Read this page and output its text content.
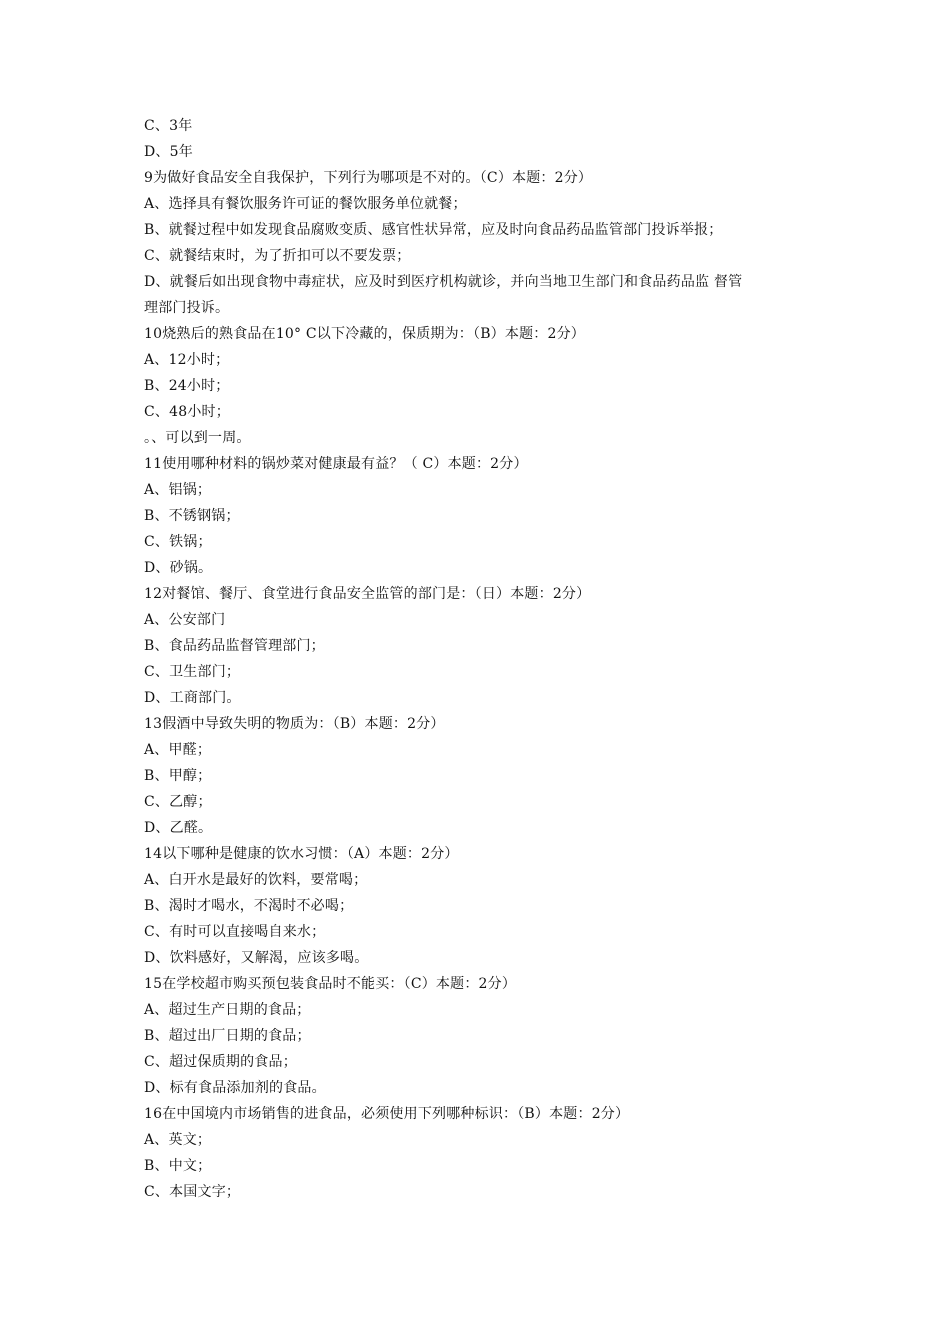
C、3年
D、5年
9为做好食品安全自我保护，下列行为哪项是不对的。（C）本题：2分）
A、选择具有餐饮服务许可证的餐饮服务单位就餐；
B、就餐过程中如发现食品腐败变质、感官性状异常，应及时向食品药品监管部门投诉举报；
C、就餐结束时，为了折扣可以不要发票；
D、就餐后如出现食物中毒症状，应及时到医疗机构就诊，并向当地卫生部门和食品药品监 督管
理部门投诉。
10烧熟后的熟食品在10° C以下冷藏的，保质期为：（B）本题：2分）
A、12小时；
B、24小时；
C、48小时；
。、可以到一周。
11使用哪种材料的锅炒菜对健康最有益？（ C）本题：2分）
A、铝锅；
B、不锈钢锅；
C、铁锅；
D、砂锅。
12对餐馆、餐厅、食堂进行食品安全监管的部门是：（日）本题：2分）
A、公安部门
B、食品药品监督管理部门；
C、卫生部门；
D、工商部门。
13假酒中导致失明的物质为：（B）本题：2分）
A、甲醛；
B、甲醇；
C、乙醇；
D、乙醛。
14以下哪种是健康的饮水习惯：（A）本题：2分）
A、白开水是最好的饮料，要常喝；
B、渴时才喝水，不渴时不必喝；
C、有时可以直接喝自来水；
D、饮料感好，又解渴，应该多喝。
15在学校超市购买预包装食品时不能买：（C）本题：2分）
A、超过生产日期的食品；
B、超过出厂日期的食品；
C、超过保质期的食品；
D、标有食品添加剂的食品。
16在中国境内市场销售的进食品，必须使用下列哪种标识：（B）本题：2分）
A、英文；
B、中文；
C、本国文字；
